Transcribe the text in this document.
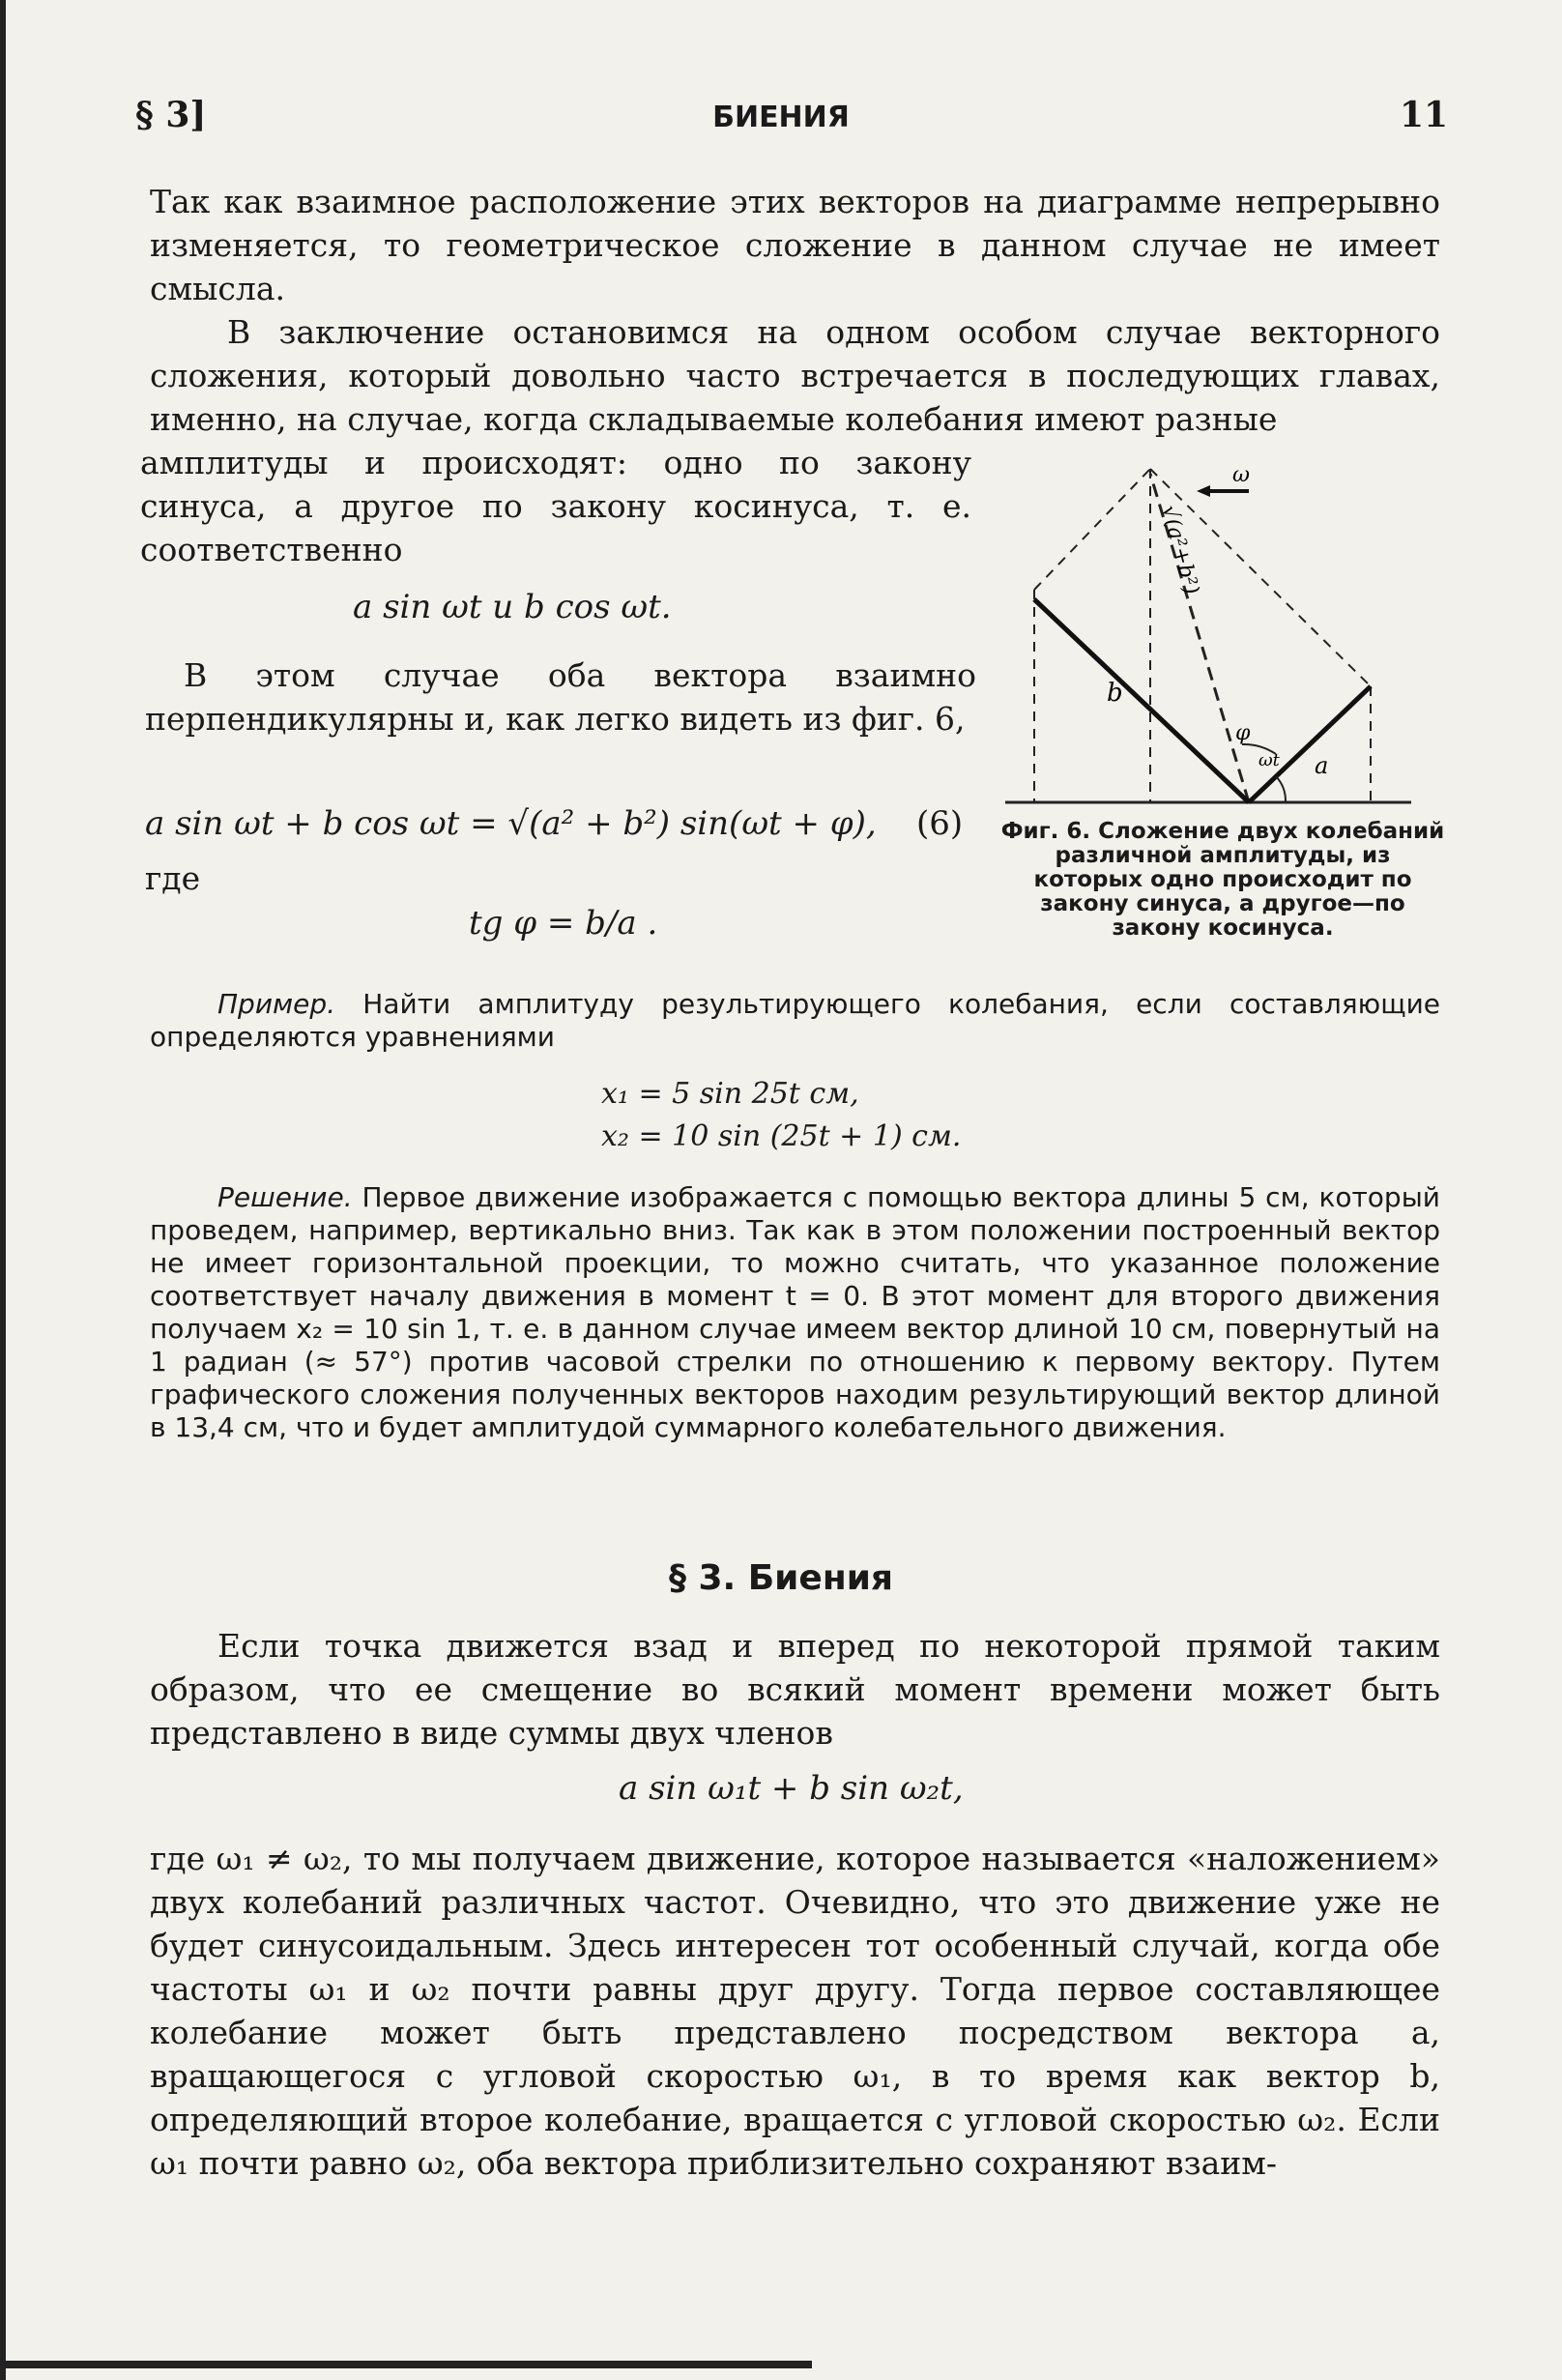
§ 3]	БИЕНИЯ	11

Так как взаимное расположение этих векторов на диаграмме непрерывно изменяется, то геометрическое сложение в данном случае не имеет смысла.

В заключение остановимся на одном особом случае векторного сложения, который довольно часто встречается в последующих главах, именно, на случае, когда складываемые колебания имеют разные

амплитуды и происходят: одно по закону синуса, а другое по закону косинуса, т. е. соответственно

a sin ωt и b cos ωt.

В этом случае оба вектора взаимно перпендикулярны и, как легко видеть из фиг. 6,

a sin ωt + b cos ωt = √(a² + b²) sin(ωt + φ), (6)
где
tg φ = b/a .
ω
√(a²+b²)
b
a
φ
ωt
Фиг. 6. Сложение двух колебаний различной амплитуды, из которых одно происходит по закону синуса, а другое—по закону косинуса.

Пример. Найти амплитуду результирующего колебания, если составляющие определяются уравнениями

x₁ = 5 sin 25t см,
x₂ = 10 sin (25t + 1) см.

Решение. Первое движение изображается с помощью вектора длины 5 см, который проведем, например, вертикально вниз. Так как в этом положении построенный вектор не имеет горизонтальной проекции, то можно считать, что указанное положение соответствует началу движения в момент t = 0. В этот момент для второго движения получаем x₂ = 10 sin 1, т. е. в данном случае имеем вектор длиной 10 см, повернутый на 1 радиан (≈ 57°) против часовой стрелки по отношению к первому вектору. Путем графического сложения полученных векторов находим результирующий вектор длиной в 13,4 см, что и будет амплитудой суммарного колебательного движения.

§ 3. Биения

Если точка движется взад и вперед по некоторой прямой таким образом, что ее смещение во всякий момент времени может быть представлено в виде суммы двух членов

a sin ω₁t + b sin ω₂t,

где ω₁ ≠ ω₂, то мы получаем движение, которое называется «наложением» двух колебаний различных частот. Очевидно, что это движение уже не будет синусоидальным. Здесь интересен тот особенный случай, когда обе частоты ω₁ и ω₂ почти равны друг другу. Тогда первое составляющее колебание может быть представлено посредством вектора a, вращающегося с угловой скоростью ω₁, в то время как вектор b, определяющий второе колебание, вращается с угловой скоростью ω₂. Если ω₁ почти равно ω₂, оба вектора приблизительно сохраняют взаим-
